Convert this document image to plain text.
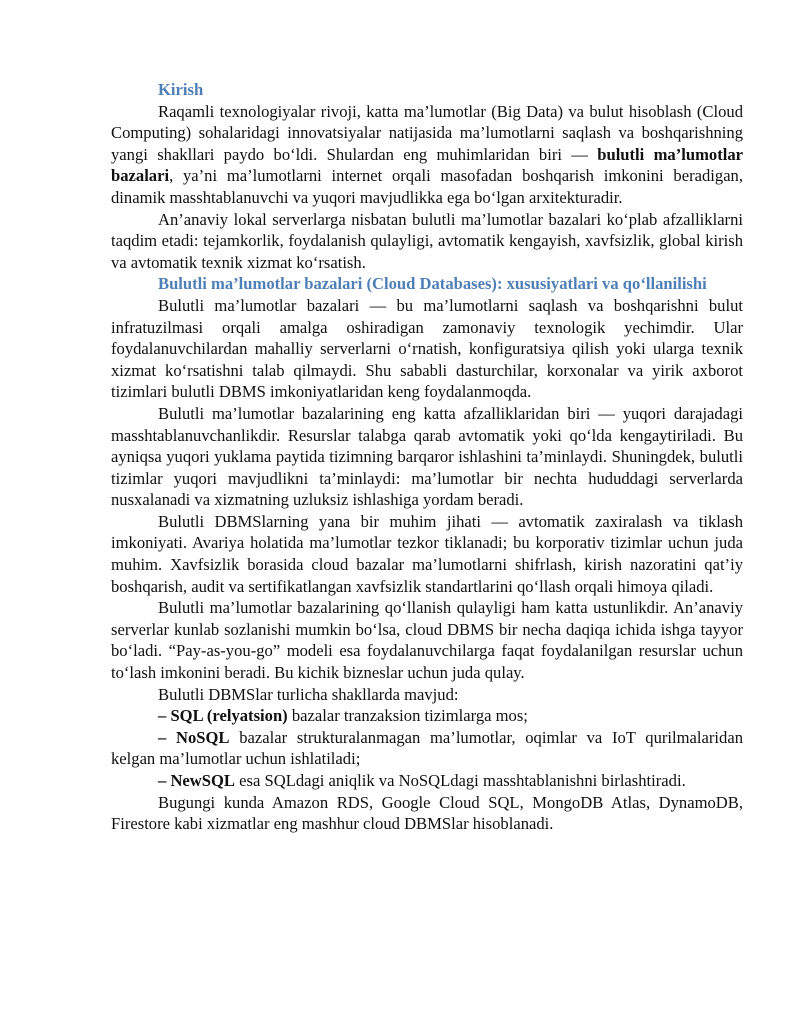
Kirish

Raqamli texnologiyalar rivoji, katta ma’lumotlar (Big Data) va bulut hisoblash (Cloud Computing) sohalaridagi innovatsiyalar natijasida ma’lumotlarni saqlash va boshqarishning yangi shakllari paydo bo‘ldi. Shulardan eng muhimlaridan biri — bulutli ma’lumotlar bazalari, ya’ni ma’lumotlarni internet orqali masofadan boshqarish imkonini beradigan, dinamik masshtablanuvchi va yuqori mavjudlikka ega bo‘lgan arxitekturadir.

An’anaviy lokal serverlarga nisbatan bulutli ma’lumotlar bazalari ko‘plab afzalliklarni taqdim etadi: tejamkorlik, foydalanish qulayligi, avtomatik kengayish, xavfsizlik, global kirish va avtomatik texnik xizmat ko‘rsatish.

Bulutli ma’lumotlar bazalari (Cloud Databases): xususiyatlari va qo‘llanilishi

Bulutli ma’lumotlar bazalari — bu ma’lumotlarni saqlash va boshqarishni bulut infratuzilmasi orqali amalga oshiradigan zamonaviy texnologik yechimdir. Ular foydalanuvchilardan mahalliy serverlarni o‘rnatish, konfiguratsiya qilish yoki ularga texnik xizmat ko‘rsatishni talab qilmaydi. Shu sababli dasturchilar, korxonalar va yirik axborot tizimlari bulutli DBMS imkoniyatlaridan keng foydalanmoqda.

Bulutli ma’lumotlar bazalarining eng katta afzalliklaridan biri — yuqori darajadagi masshtablanuvchanlikdir. Resurslar talabga qarab avtomatik yoki qo‘lda kengaytiriladi. Bu ayniqsa yuqori yuklama paytida tizimning barqaror ishlashini ta’minlaydi. Shuningdek, bulutli tizimlar yuqori mavjudlikni ta’minlaydi: ma’lumotlar bir nechta hududdagi serverlarda nusxalanadi va xizmatning uzluksiz ishlashiga yordam beradi.

Bulutli DBMSlarning yana bir muhim jihati — avtomatik zaxiralash va tiklash imkoniyati. Avariya holatida ma’lumotlar tezkor tiklanadi; bu korporativ tizimlar uchun juda muhim. Xavfsizlik borasida cloud bazalar ma’lumotlarni shifrlash, kirish nazoratini qat’iy boshqarish, audit va sertifikatlangan xavfsizlik standartlarini qo‘llash orqali himoya qiladi.

Bulutli ma’lumotlar bazalarining qo‘llanish qulayligi ham katta ustunlikdir. An’anaviy serverlar kunlab sozlanishi mumkin bo‘lsa, cloud DBMS bir necha daqiqa ichida ishga tayyor bo‘ladi. “Pay-as-you-go” modeli esa foydalanuvchilarga faqat foydalanilgan resurslar uchun to‘lash imkonini beradi. Bu kichik bizneslar uchun juda qulay.

Bulutli DBMSlar turlicha shakllarda mavjud:

– SQL (relyatsion) bazalar tranzaksion tizimlarga mos;

– NoSQL bazalar strukturalanmagan ma’lumotlar, oqimlar va IoT qurilmalaridan kelgan ma’lumotlar uchun ishlatiladi;

– NewSQL esa SQLdagi aniqlik va NoSQLdagi masshtablanishni birlashtiradi.

Bugungi kunda Amazon RDS, Google Cloud SQL, MongoDB Atlas, DynamoDB, Firestore kabi xizmatlar eng mashhur cloud DBMSlar hisoblanadi.
